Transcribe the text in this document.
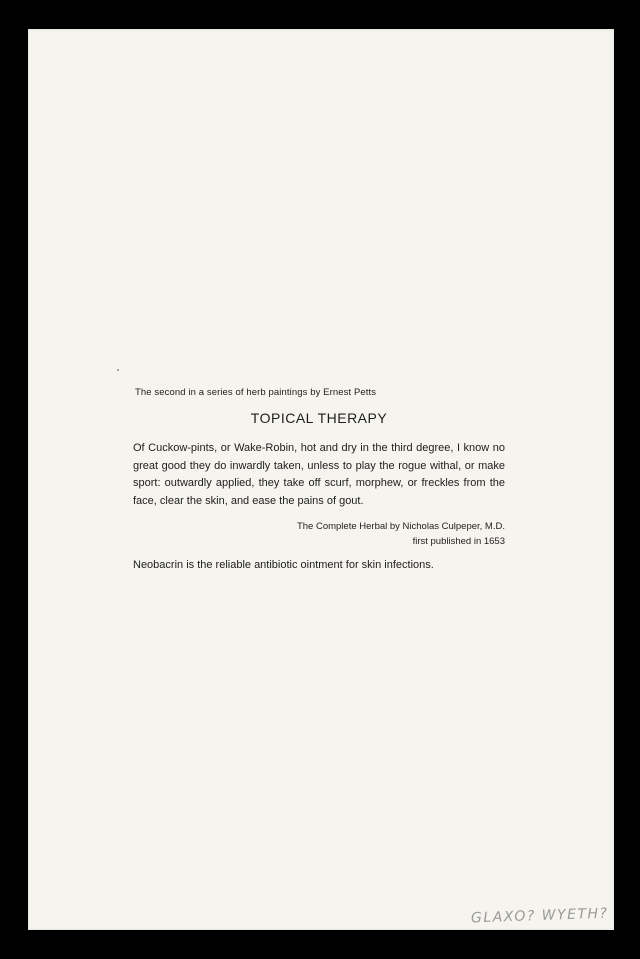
The second in a series of herb paintings by Ernest Petts
TOPICAL THERAPY

Of Cuckow-pints, or Wake-Robin, hot and dry in the third degree, I know no great good they do inwardly taken, unless to play the rogue withal, or make sport: outwardly applied, they take off scurf, morphew, or freckles from the face, clear the skin, and ease the pains of gout.

The Complete Herbal by Nicholas Culpeper, M.D.
first published in 1653

Neobacrin is the reliable antibiotic ointment for skin infections.

GLAXO? WYETH?
